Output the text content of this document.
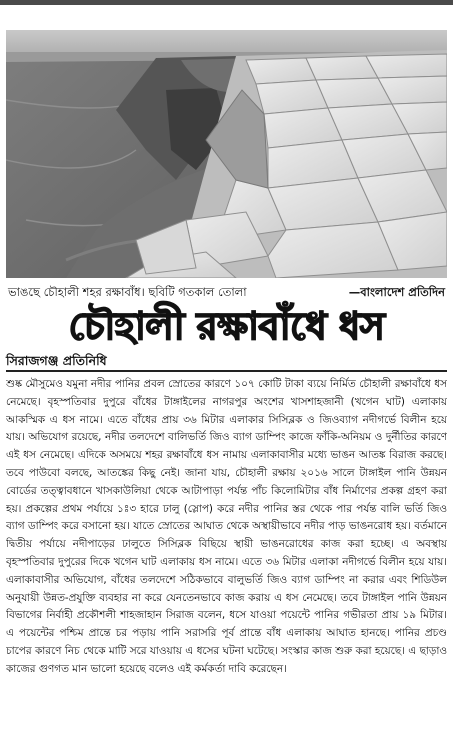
ভাঙছে চৌহালী শহর রক্ষাবাঁধ। ছবিটি গতকাল তোলা	—বাংলাদেশ প্রতিদিন
চৌহালী রক্ষাবাঁধে ধস
সিরাজগঞ্জ প্রতিনিধি

শুষ্ক মৌসুমেও যমুনা নদীর পানির প্রবল স্রোতের কারণে ১০৭ কোটি টাকা ব্যয়ে নির্মিত চৌহালী রক্ষাবাঁধে ধস নেমেছে। বৃহস্পতিবার দুপুরে বাঁধের টাঙ্গাইলের নাগরপুর অংশের খাসশাহজানী (খগেন ঘাট) এলাকায় আকস্মিক এ ধস নামে। এতে বাঁধের প্রায় ৩৬ মিটার এলাকার সিসিব্লক ও জিওব্যাগ নদীগর্ভে বিলীন হয়ে যায়। অভিযোগ রয়েছে, নদীর তলদেশে বালিভর্তি জিও ব্যাগ ডাম্পিং কাজে ফাঁকি-অনিয়ম ও দুর্নীতির কারণে এই ধস নেমেছে। এদিকে অসময়ে শহর রক্ষাবাঁধে ধস নামায় এলাকাবাসীর মধ্যে ভাঙন আতঙ্ক বিরাজ করছে। তবে পাউবো বলছে, আতঙ্কের কিছু নেই। জানা যায়, চৌহালী রক্ষায় ২০১৬ সালে টাঙ্গাইল পানি উন্নয়ন বোর্ডের তত্ত্বাবধানে খাসকাউলিয়া থেকে আটাপাড়া পর্যন্ত পাঁচ কিলোমিটার বাঁধ নির্মাণের প্রকল্প গ্রহণ করা হয়। প্রকল্পের প্রথম পর্যায়ে ১ঃ৩ হারে ঢালু (স্লোপ) করে নদীর পানির স্তর থেকে পার পর্যন্ত বালি ভর্তি জিও ব্যাগ ডাম্পিং করে বসানো হয়। যাতে স্রোতের আঘাত থেকে অস্থায়ীভাবে নদীর পাড় ভাঙনরোধ হয়। বর্তমানে দ্বিতীয় পর্যায়ে নদীপাড়ের ঢালুতে সিসিব্লক বিছিয়ে স্থায়ী ভাঙনরোধের কাজ করা হচ্ছে। এ অবস্থায় বৃহস্পতিবার দুপুরের দিকে খগেন ঘাট এলাকায় ধস নামে। এতে ৩৬ মিটার এলাকা নদীগর্ভে বিলীন হয়ে যায়। এলাকাবাসীর অভিযোগ, বাঁধের তলদেশে সঠিকভাবে বালুভর্তি জিও ব্যাগ ডাম্পিং না করার এবং শিডিউল অনুযায়ী উন্নত-প্রযুক্তি ব্যবহার না করে যেনতেনভাবে কাজ করায় এ ধস নেমেছে। তবে টাঙ্গাইল পানি উন্নয়ন বিভাগের নির্বাহী প্রকৌশলী শাহজাহান সিরাজ বলেন, ধসে যাওয়া পয়েন্টে পানির গভীরতা প্রায় ১৯ মিটার। এ পয়েন্টের পশ্চিম প্রান্তে চর পড়ায় পানি সরাসরি পূর্ব প্রান্তে বাঁধ এলাকায় আঘাত হানছে। পানির প্রচণ্ড চাপের কারণে নিচ থেকে মাটি সরে যাওয়ায় এ ধসের ঘটনা ঘটেছে। সংস্কার কাজ শুরু করা হয়েছে। এ ছাড়াও কাজের গুণগত মান ভালো হয়েছে বলেও এই কর্মকর্তা দাবি করেছেন।
